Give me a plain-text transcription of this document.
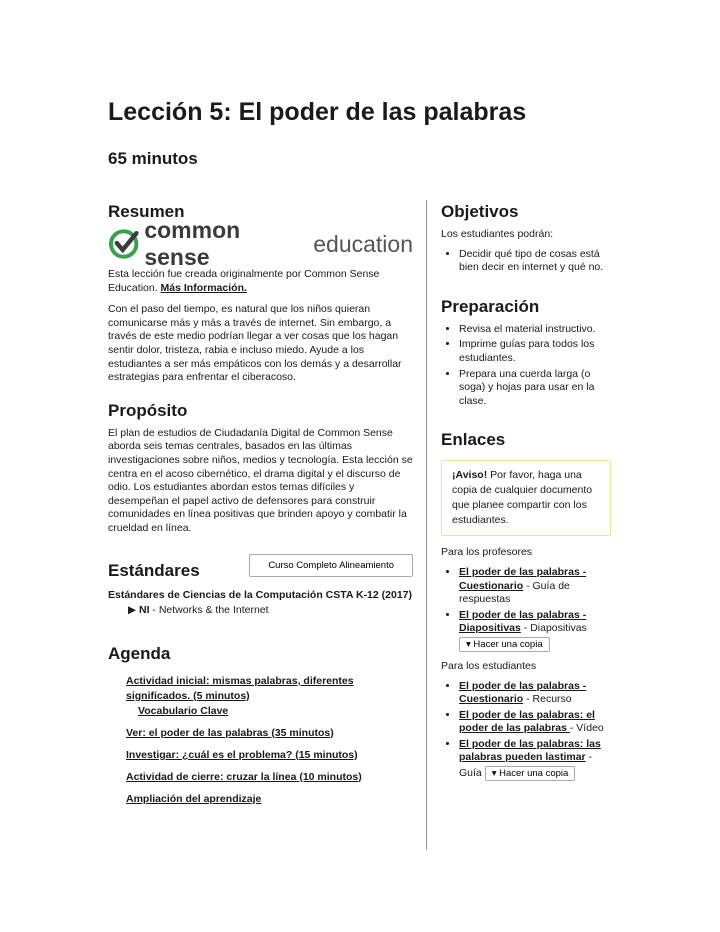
Lección 5: El poder de las palabras
65 minutos
Resumen
common sense
education

Esta lección fue creada originalmente por Common Sense Education. Más Información.

Con el paso del tiempo, es natural que los niños quieran comunicarse más y más a través de internet. Sin embargo, a través de este medio podrían llegar a ver cosas que los hagan sentir dolor, tristeza, rabia e incluso miedo. Ayude a los estudiantes a ser más empáticos con los demás y a desarrollar estrategias para enfrentar el ciberacoso.

Propósito

El plan de estudios de Ciudadanía Digital de Common Sense aborda seis temas centrales, basados en las últimas investigaciones sobre niños, medios y tecnología. Esta lección se centra en el acoso cibernético, el drama digital y el discurso de odio. Los estudiantes abordan estos temas difíciles y desempeñan el papel activo de defensores para construir comunidades en línea positivas que brinden apoyo y combatir la crueldad en línea.

Estándares	Curso Completo Alineamiento
Estándares de Ciencias de la Computación CSTA K-12 (2017)
▶ NI - Networks & the Internet
Agenda
Actividad inicial: mismas palabras, diferentes significados. (5 minutos)
Vocabulario Clave
Ver: el poder de las palabras (35 minutos)
Investigar: ¿cuál es el problema? (15 minutos)
Actividad de cierre: cruzar la línea (10 minutos)
Ampliación del aprendizaje
Objetivos
Los estudiantes podrán:
• Decidir qué tipo de cosas está bien decir en internet y qué no.
Preparación
• Revisa el material instructivo.
• Imprime guías para todos los estudiantes.
• Prepara una cuerda larga (o soga) y hojas para usar en la clase.
Enlaces
¡Aviso! Por favor, haga una copia de cualquier documento que planee compartir con los estudiantes.
Para los profesores
• El poder de las palabras - Cuestionario - Guía de respuestas
• El poder de las palabras - Diapositivas - Diapositivas
▾ Hacer una copia
Para los estudiantes
• El poder de las palabras - Cuestionario - Recurso
• El poder de las palabras: el poder de las palabras - Vídeo
• El poder de las palabras: las palabras pueden lastimar - Guía ▾ Hacer una copia
